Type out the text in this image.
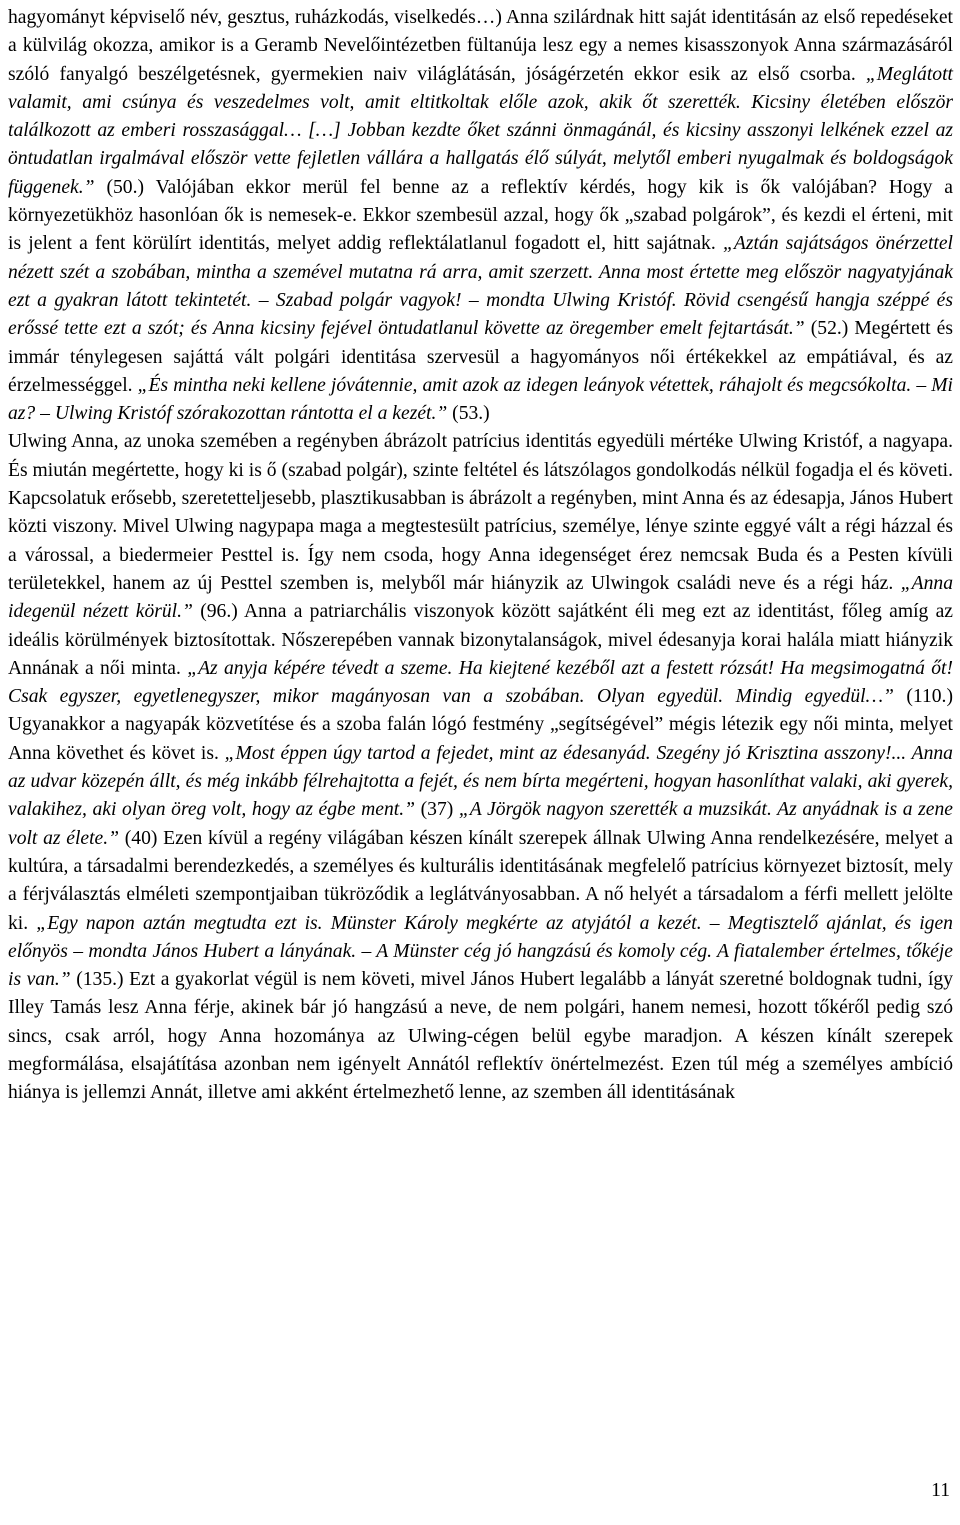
hagyományt képviselő név, gesztus, ruházkodás, viselkedés…) Anna szilárdnak hitt saját identitásán az első repedéseket a külvilág okozza, amikor is a Geramb Nevelőintézetben fültanúja lesz egy a nemes kisasszonyok Anna származásáról szóló fanyalgó beszélgetésnek, gyermekien naiv világlátásán, jóságérzetén ekkor esik az első csorba. „Meglátott valamit, ami csúnya és veszedelmes volt, amit eltitkoltak előle azok, akik őt szerették. Kicsiny életében először találkozott az emberi rosszasággal… […] Jobban kezdte őket szánni önmagánál, és kicsiny asszonyi lelkének ezzel az öntudatlan irgalmával először vette fejletlen vállára a hallgatás élő súlyát, melytől emberi nyugalmak és boldogságok függenek.” (50.) Valójában ekkor merül fel benne az a reflektív kérdés, hogy kik is ők valójában? Hogy a környezetükhöz hasonlóan ők is nemesek-e. Ekkor szembesül azzal, hogy ők „szabad polgárok”, és kezdi el érteni, mit is jelent a fent körülírt identitás, melyet addig reflektálatlanul fogadott el, hitt sajátnak. „Aztán sajátságos önérzettel nézett szét a szobában, mintha a szemével mutatna rá arra, amit szerzett. Anna most értette meg először nagyatyjának ezt a gyakran látott tekintetét. – Szabad polgár vagyok! – mondta Ulwing Kristóf. Rövid csengésű hangja széppé és erőssé tette ezt a szót; és Anna kicsiny fejével öntudatlanul követte az öregember emelt fejtartását.” (52.) Megértett és immár ténylegesen sajáttá vált polgári identitása szervesül a hagyományos női értékekkel az empátiával, és az érzelmességgel. „És mintha neki kellene jóvátennie, amit azok az idegen leányok vétettek, ráhajolt és megcsókolta. – Mi az? – Ulwing Kristóf szórakozottan rántotta el a kezét.” (53.)

Ulwing Anna, az unoka szemében a regényben ábrázolt patrícius identitás egyedüli mértéke Ulwing Kristóf, a nagyapa. És miután megértette, hogy ki is ő (szabad polgár), szinte feltétel és látszólagos gondolkodás nélkül fogadja el és követi. Kapcsolatuk erősebb, szeretetteljesebb, plasztikusabban is ábrázolt a regényben, mint Anna és az édesapja, János Hubert közti viszony. Mivel Ulwing nagypapa maga a megtestesült patrícius, személye, lénye szinte eggyé vált a régi házzal és a várossal, a biedermeier Pesttel is. Így nem csoda, hogy Anna idegenséget érez nemcsak Buda és a Pesten kívüli területekkel, hanem az új Pesttel szemben is, melyből már hiányzik az Ulwingok családi neve és a régi ház. „Anna idegenül nézett körül.” (96.) Anna a patriarchális viszonyok között sajátként éli meg ezt az identitást, főleg amíg az ideális körülmények biztosítottak. Nőszerepében vannak bizonytalanságok, mivel édesanyja korai halála miatt hiányzik Annának a női minta. „Az anyja képére tévedt a szeme. Ha kiejtené kezéből azt a festett rózsát! Ha megsimogatná őt! Csak egyszer, egyetlenegyszer, mikor magányosan van a szobában. Olyan egyedül. Mindig egyedül…” (110.) Ugyanakkor a nagyapák közvetítése és a szoba falán lógó festmény „segítségével” mégis létezik egy női minta, melyet Anna követhet és követ is. „Most éppen úgy tartod a fejedet, mint az édesanyád. Szegény jó Krisztina asszony!... Anna az udvar közepén állt, és még inkább félrehajtotta a fejét, és nem bírta megérteni, hogyan hasonlíthat valaki, aki gyerek, valakihez, aki olyan öreg volt, hogy az égbe ment.” (37) „A Jörgök nagyon szerették a muzsikát. Az anyádnak is a zene volt az élete.” (40) Ezen kívül a regény világában készen kínált szerepek állnak Ulwing Anna rendelkezésére, melyet a kultúra, a társadalmi berendezkedés, a személyes és kulturális identitásának megfelelő patrícius környezet biztosít, mely a férjválasztás elméleti szempontjaiban tükröződik a leglátványosabban. A nő helyét a társadalom a férfi mellett jelölte ki. „Egy napon aztán megtudta ezt is. Münster Károly megkérte az atyjától a kezét. – Megtisztelő ajánlat, és igen előnyös – mondta János Hubert a lányának. – A Münster cég jó hangzású és komoly cég. A fiatalember értelmes, tőkéje is van.” (135.) Ezt a gyakorlat végül is nem követi, mivel János Hubert legalább a lányát szeretné boldognak tudni, így Illey Tamás lesz Anna férje, akinek bár jó hangzású a neve, de nem polgári, hanem nemesi, hozott tőkéről pedig szó sincs, csak arról, hogy Anna hozománya az Ulwing-cégen belül egybe maradjon. A készen kínált szerepek megformálása, elsajátítása azonban nem igényelt Annától reflektív önértelmezést. Ezen túl még a személyes ambíció hiánya is jellemzi Annát, illetve ami akként értelmezhető lenne, az szemben áll identitásának

11
